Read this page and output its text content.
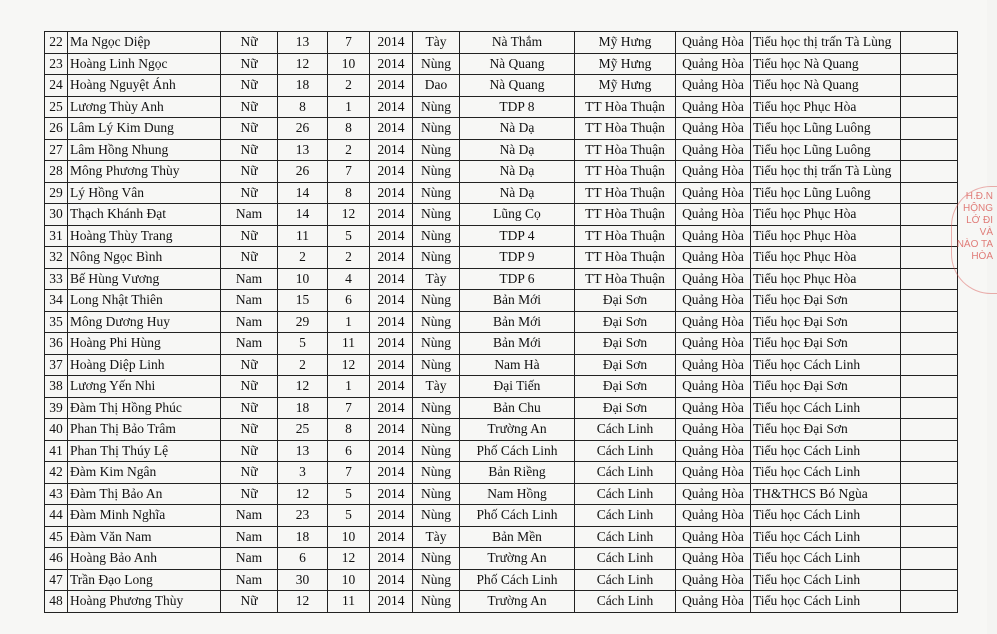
22	Ma Ngọc Diệp	Nữ	13	7	2014	Tày	Nà Thắm	Mỹ Hưng	Quảng Hòa	Tiểu học thị trấn Tà Lùng	
23	Hoàng Linh Ngọc	Nữ	12	10	2014	Nùng	Nà Quang	Mỹ Hưng	Quảng Hòa	Tiểu học Nà Quang	
24	Hoàng Nguyệt Ánh	Nữ	18	2	2014	Dao	Nà Quang	Mỹ Hưng	Quảng Hòa	Tiểu học Nà Quang	
25	Lương Thùy Anh	Nữ	8	1	2014	Nùng	TDP 8	TT Hòa Thuận	Quảng Hòa	Tiểu học Phục Hòa	
26	Lâm Lý Kim Dung	Nữ	26	8	2014	Nùng	Nà Dạ	TT Hòa Thuận	Quảng Hòa	Tiểu học Lũng Luông	
27	Lâm Hồng Nhung	Nữ	13	2	2014	Nùng	Nà Dạ	TT Hòa Thuận	Quảng Hòa	Tiểu học Lũng Luông	
28	Mông Phương Thùy	Nữ	26	7	2014	Nùng	Nà Dạ	TT Hòa Thuận	Quảng Hòa	Tiểu học thị trấn Tà Lùng	
29	Lý Hồng Vân	Nữ	14	8	2014	Nùng	Nà Dạ	TT Hòa Thuận	Quảng Hòa	Tiểu học Lũng Luông	
30	Thạch Khánh Đạt	Nam	14	12	2014	Nùng	Lũng Cọ	TT Hòa Thuận	Quảng Hòa	Tiểu học Phục Hòa	
31	Hoàng Thùy Trang	Nữ	11	5	2014	Nùng	TDP 4	TT Hòa Thuận	Quảng Hòa	Tiểu học Phục Hòa	
32	Nông Ngọc Bình	Nữ	2	2	2014	Nùng	TDP 9	TT Hòa Thuận	Quảng Hòa	Tiểu học Phục Hòa	
33	Bế Hùng Vương	Nam	10	4	2014	Tày	TDP 6	TT Hòa Thuận	Quảng Hòa	Tiểu học Phục Hòa	
34	Long Nhật Thiên	Nam	15	6	2014	Nùng	Bản Mới	Đại Sơn	Quảng Hòa	Tiểu học Đại Sơn	
35	Mông Dương Huy	Nam	29	1	2014	Nùng	Bản Mới	Đại Sơn	Quảng Hòa	Tiểu học Đại Sơn	
36	Hoàng Phi Hùng	Nam	5	11	2014	Nùng	Bản Mới	Đại Sơn	Quảng Hòa	Tiểu học Đại Sơn	
37	Hoàng Diệp Linh	Nữ	2	12	2014	Nùng	Nam Hà	Đại Sơn	Quảng Hòa	Tiểu học Cách Linh	
38	Lương Yến Nhi	Nữ	12	1	2014	Tày	Đại Tiến	Đại Sơn	Quảng Hòa	Tiểu học Đại Sơn	
39	Đàm Thị Hồng Phúc	Nữ	18	7	2014	Nùng	Bản Chu	Đại Sơn	Quảng Hòa	Tiểu học Cách Linh	
40	Phan Thị Bảo Trâm	Nữ	25	8	2014	Nùng	Trường An	Cách Linh	Quảng Hòa	Tiểu học Đại Sơn	
41	Phan Thị Thúy Lệ	Nữ	13	6	2014	Nùng	Phố Cách Linh	Cách Linh	Quảng Hòa	Tiểu học Cách Linh	
42	Đàm Kim Ngân	Nữ	3	7	2014	Nùng	Bản Riềng	Cách Linh	Quảng Hòa	Tiểu học Cách Linh	
43	Đàm Thị Bảo An	Nữ	12	5	2014	Nùng	Nam Hồng	Cách Linh	Quảng Hòa	TH&THCS Bó Ngùa	
44	Đàm Minh Nghĩa	Nam	23	5	2014	Nùng	Phố Cách Linh	Cách Linh	Quảng Hòa	Tiểu học Cách Linh	
45	Đàm Văn Nam	Nam	18	10	2014	Tày	Bản Mền	Cách Linh	Quảng Hòa	Tiểu học Cách Linh	
46	Hoàng Bảo Anh	Nam	6	12	2014	Nùng	Trường An	Cách Linh	Quảng Hòa	Tiểu học Cách Linh	
47	Trần Đạo Long	Nam	30	10	2014	Nùng	Phố Cách Linh	Cách Linh	Quảng Hòa	Tiểu học Cách Linh	
48	Hoàng Phương Thùy	Nữ	12	11	2014	Nùng	Trường An	Cách Linh	Quảng Hòa	Tiểu học Cách Linh	
H.Đ.N
HỘNG
LỚ ĐI
VÀ
NÀO TA
HÒA
